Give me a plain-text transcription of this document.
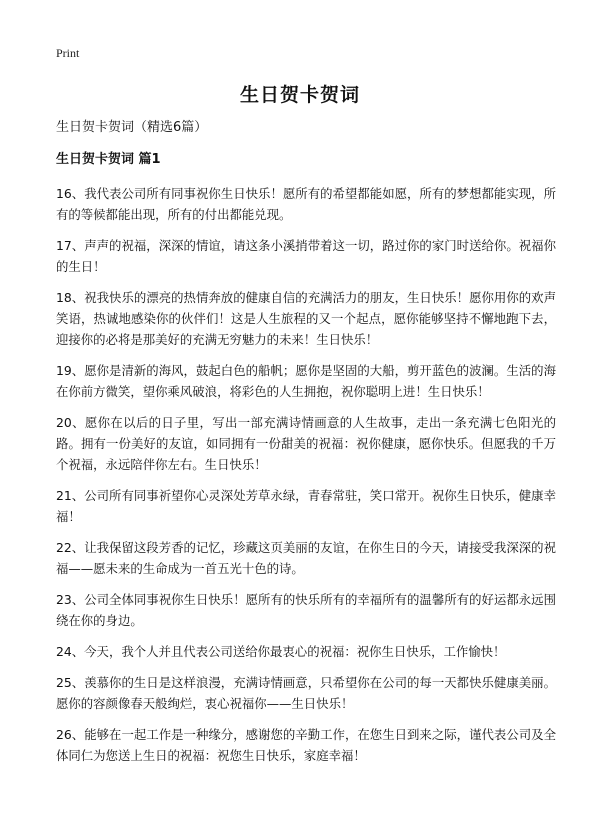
Print
生日贺卡贺词
生日贺卡贺词（精选6篇）
生日贺卡贺词 篇1

16、我代表公司所有同事祝你生日快乐！愿所有的希望都能如愿，所有的梦想都能实现，所有的等候都能出现，所有的付出都能兑现。

17、声声的祝福，深深的情谊，请这条小溪捎带着这一切，路过你的家门时送给你。祝福你的生日！

18、祝我快乐的漂亮的热情奔放的健康自信的充满活力的朋友，生日快乐！愿你用你的欢声笑语，热诚地感染你的伙伴们！这是人生旅程的又一个起点，愿你能够坚持不懈地跑下去，迎接你的必将是那美好的充满无穷魅力的未来！生日快乐！

19、愿你是清新的海风，鼓起白色的船帆；愿你是坚固的大船，剪开蓝色的波澜。生活的海在你前方微笑，望你乘风破浪，将彩色的人生拥抱，祝你聪明上进！生日快乐！

20、愿你在以后的日子里，写出一部充满诗情画意的人生故事，走出一条充满七色阳光的路。拥有一份美好的友谊，如同拥有一份甜美的祝福：祝你健康，愿你快乐。但愿我的千万个祝福，永远陪伴你左右。生日快乐！

21、公司所有同事祈望你心灵深处芳草永绿，青春常驻，笑口常开。祝你生日快乐，健康幸福！

22、让我保留这段芳香的记忆，珍藏这页美丽的友谊，在你生日的今天，请接受我深深的祝福——愿未来的生命成为一首五光十色的诗。

23、公司全体同事祝你生日快乐！愿所有的快乐所有的幸福所有的温馨所有的好运都永远围绕在你的身边。

24、今天，我个人并且代表公司送给你最衷心的祝福：祝你生日快乐，工作愉快！

25、羡慕你的生日是这样浪漫，充满诗情画意，只希望你在公司的每一天都快乐健康美丽。愿你的容颜像春天般绚烂，衷心祝福你——生日快乐！

26、能够在一起工作是一种缘分，感谢您的辛勤工作，在您生日到来之际，谨代表公司及全体同仁为您送上生日的祝福：祝您生日快乐，家庭幸福！
